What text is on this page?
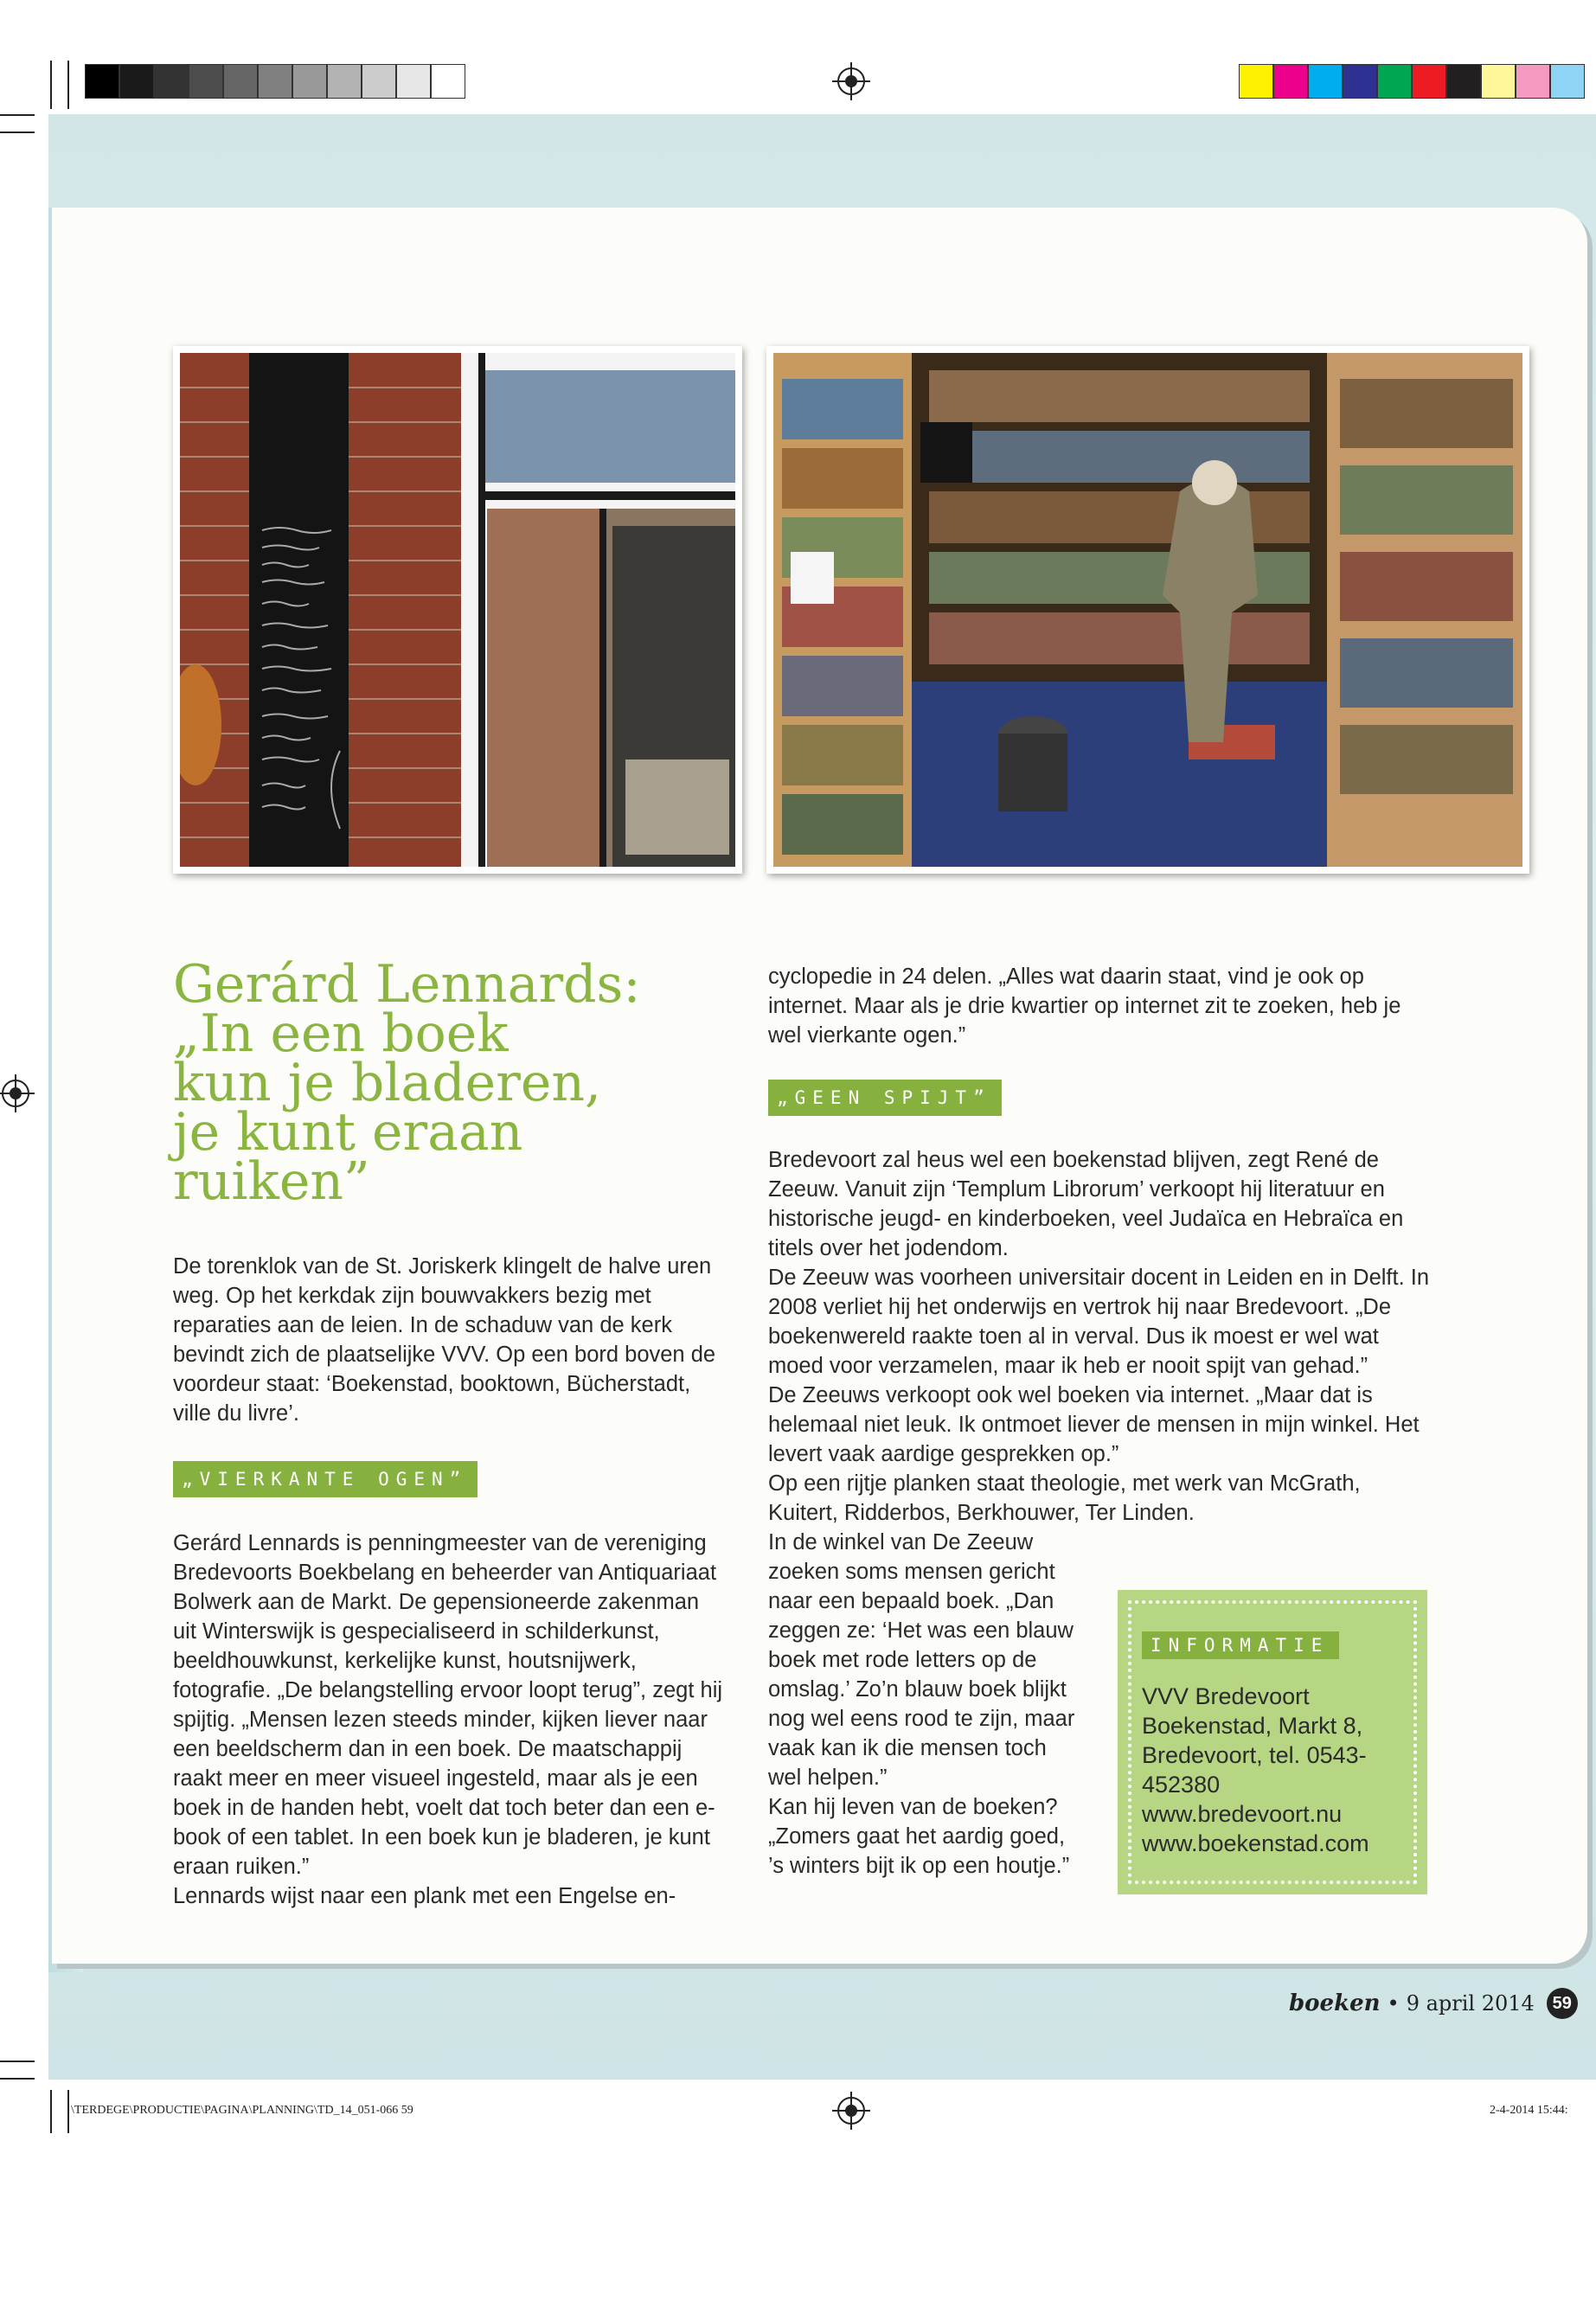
Gerárd Lennards:
„In een boek
kun je bladeren,
je kunt eraan
ruiken”

De torenklok van de St. Joriskerk klingelt de halve uren weg. Op het kerkdak zijn bouwvakkers bezig met reparaties aan de leien. In de schaduw van de kerk bevindt zich de plaatselijke VVV. Op een bord boven de voordeur staat: ‘Boekenstad, booktown, Bücherstadt, ville du livre’.

„VIERKANTE OGEN”

Gerárd Lennards is penningmeester van de vereniging Bredevoorts Boekbelang en beheerder van Antiquariaat Bolwerk aan de Markt. De gepensioneerde zakenman uit Winterswijk is gespecialiseerd in schilderkunst, beeldhouwkunst, kerkelijke kunst, houtsnijwerk, fotografie. „De belangstelling ervoor loopt terug”, zegt hij spijtig. „Mensen lezen steeds minder, kijken liever naar een beeldscherm dan in een boek. De maatschappij raakt meer en meer visueel ingesteld, maar als je een boek in de handen hebt, voelt dat toch beter dan een e-book of een tablet. In een boek kun je bladeren, je kunt eraan ruiken.”

Lennards wijst naar een plank met een Engelse en-

cyclopedie in 24 delen. „Alles wat daarin staat, vind je ook op internet. Maar als je drie kwartier op internet zit te zoeken, heb je wel vierkante ogen.”

„GEEN SPIJT”

Bredevoort zal heus wel een boekenstad blijven, zegt René de Zeeuw. Vanuit zijn ‘Templum Librorum’ verkoopt hij literatuur en historische jeugd- en kinderboeken, veel Judaïca en Hebraïca en titels over het jodendom.

De Zeeuw was voorheen universitair docent in Leiden en in Delft. In 2008 verliet hij het onderwijs en vertrok hij naar Bredevoort. „De boekenwereld raakte toen al in verval. Dus ik moest er wel wat moed voor verzamelen, maar ik heb er nooit spijt van gehad.”

De Zeeuws verkoopt ook wel boeken via internet. „Maar dat is helemaal niet leuk. Ik ontmoet liever de mensen in mijn winkel. Het levert vaak aardige gesprekken op.”

Op een rijtje planken staat theologie, met werk van McGrath, Kuitert, Ridderbos, Berkhouwer, Ter Linden.

In de winkel van De Zeeuw
zoeken soms mensen gericht
naar een bepaald boek. „Dan
zeggen ze: ‘Het was een blauw
boek met rode letters op de
omslag.’ Zo’n blauw boek blijkt
nog wel eens rood te zijn, maar
vaak kan ik die mensen toch
wel helpen.”
Kan hij leven van de boeken?
„Zomers gaat het aardig goed,
’s winters bijt ik op een houtje.”
INFORMATIE
VVV Bredevoort
Boekenstad, Markt 8,
Bredevoort, tel. 0543-
452380
www.bredevoort.nu
www.boekenstad.com
boeken • 9 april 2014	59
\TERDEGE\PRODUCTIE\PAGINA\PLANNING\TD_14_051-066 59	2-4-2014 15:44:
